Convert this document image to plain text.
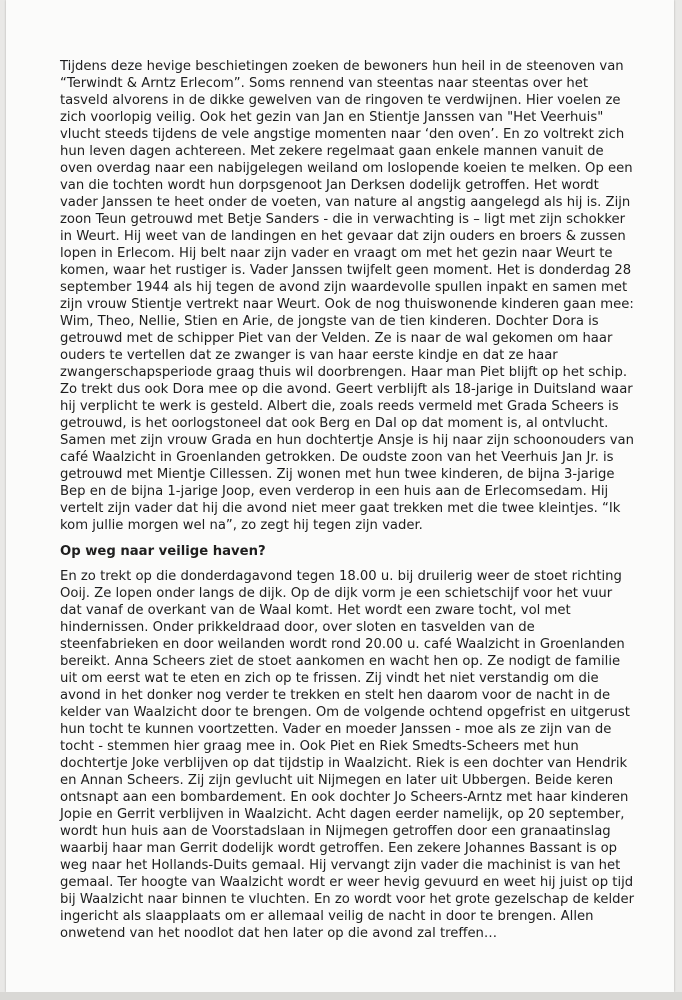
Tijdens deze hevige beschietingen zoeken de bewoners hun heil in de steenoven van “Terwindt & Arntz Erlecom”. Soms rennend van steentas naar steentas over het tasveld alvorens in de dikke gewelven van de ringoven te verdwijnen. Hier voelen ze zich voorlopig veilig. Ook het gezin van Jan en Stientje Janssen van "Het Veerhuis" vlucht steeds tijdens de vele angstige momenten naar ‘den oven’. En zo voltrekt zich hun leven dagen achtereen. Met zekere regelmaat gaan enkele mannen vanuit de oven overdag naar een nabijgelegen weiland om loslopende koeien te melken. Op een van die tochten wordt hun dorpsgenoot Jan Derksen dodelijk getroffen. Het wordt vader Janssen te heet onder de voeten, van nature al angstig aangelegd als hij is. Zijn zoon Teun getrouwd met Betje Sanders - die in verwachting is – ligt met zijn schokker in Weurt. Hij weet van de landingen en het gevaar dat zijn ouders en broers & zussen lopen in Erlecom. Hij belt naar zijn vader en vraagt om met het gezin naar Weurt te komen, waar het rustiger is. Vader Janssen twijfelt geen moment. Het is donderdag 28 september 1944 als hij tegen de avond zijn waardevolle spullen inpakt en samen met zijn vrouw Stientje vertrekt naar Weurt. Ook de nog thuiswonende kinderen gaan mee: Wim, Theo, Nellie, Stien en Arie, de jongste van de tien kinderen. Dochter Dora is getrouwd met de schipper Piet van der Velden. Ze is naar de wal gekomen om haar ouders te vertellen dat ze zwanger is van haar eerste kindje en dat ze haar zwangerschapsperiode graag thuis wil doorbrengen. Haar man Piet blijft op het schip. Zo trekt dus ook Dora mee op die avond. Geert verblijft als 18-jarige in Duitsland waar hij verplicht te werk is gesteld. Albert die, zoals reeds vermeld met Grada Scheers is getrouwd, is het oorlogstoneel dat ook Berg en Dal op dat moment is, al ontvlucht. Samen met zijn vrouw Grada en hun dochtertje Ansje is hij naar zijn schoonouders van café Waalzicht in Groenlanden getrokken. De oudste zoon van het Veerhuis Jan Jr. is getrouwd met Mientje Cillessen. Zij wonen met hun twee kinderen, de bijna 3-jarige Bep en de bijna 1-jarige Joop, even verderop in een huis aan de Erlecomsedam. Hij vertelt zijn vader dat hij die avond niet meer gaat trekken met die twee kleintjes. “Ik kom jullie morgen wel na”, zo zegt hij tegen zijn vader.

Op weg naar veilige haven?

En zo trekt op die donderdagavond tegen 18.00 u. bij druilerig weer de stoet richting Ooij. Ze lopen onder langs de dijk. Op de dijk vorm je een schietschijf voor het vuur dat vanaf de overkant van de Waal komt. Het wordt een zware tocht, vol met hindernissen. Onder prikkeldraad door, over sloten en tasvelden van de steenfabrieken en door weilanden wordt rond 20.00 u. café Waalzicht in Groenlanden bereikt. Anna Scheers ziet de stoet aankomen en wacht hen op. Ze nodigt de familie uit om eerst wat te eten en zich op te frissen. Zij vindt het niet verstandig om die avond in het donker nog verder te trekken en stelt hen daarom voor de nacht in de kelder van Waalzicht door te brengen. Om de volgende ochtend opgefrist en uitgerust hun tocht te kunnen voortzetten. Vader en moeder Janssen - moe als ze zijn van de tocht - stemmen hier graag mee in. Ook Piet en Riek Smedts-Scheers met hun dochtertje Joke verblijven op dat tijdstip in Waalzicht. Riek is een dochter van Hendrik en Annan Scheers. Zij zijn gevlucht uit Nijmegen en later uit Ubbergen. Beide keren ontsnapt aan een bombardement. En ook dochter Jo Scheers-Arntz met haar kinderen Jopie en Gerrit verblijven in Waalzicht. Acht dagen eerder namelijk, op 20 september, wordt hun huis aan de Voorstadslaan in Nijmegen getroffen door een granaatinslag waarbij haar man Gerrit dodelijk wordt getroffen. Een zekere Johannes Bassant is op weg naar het Hollands-Duits gemaal. Hij vervangt zijn vader die machinist is van het gemaal. Ter hoogte van Waalzicht wordt er weer hevig gevuurd en weet hij juist op tijd bij Waalzicht naar binnen te vluchten. En zo wordt voor het grote gezelschap de kelder ingericht als slaapplaats om er allemaal veilig de nacht in door te brengen. Allen onwetend van het noodlot dat hen later op die avond zal treffen…
